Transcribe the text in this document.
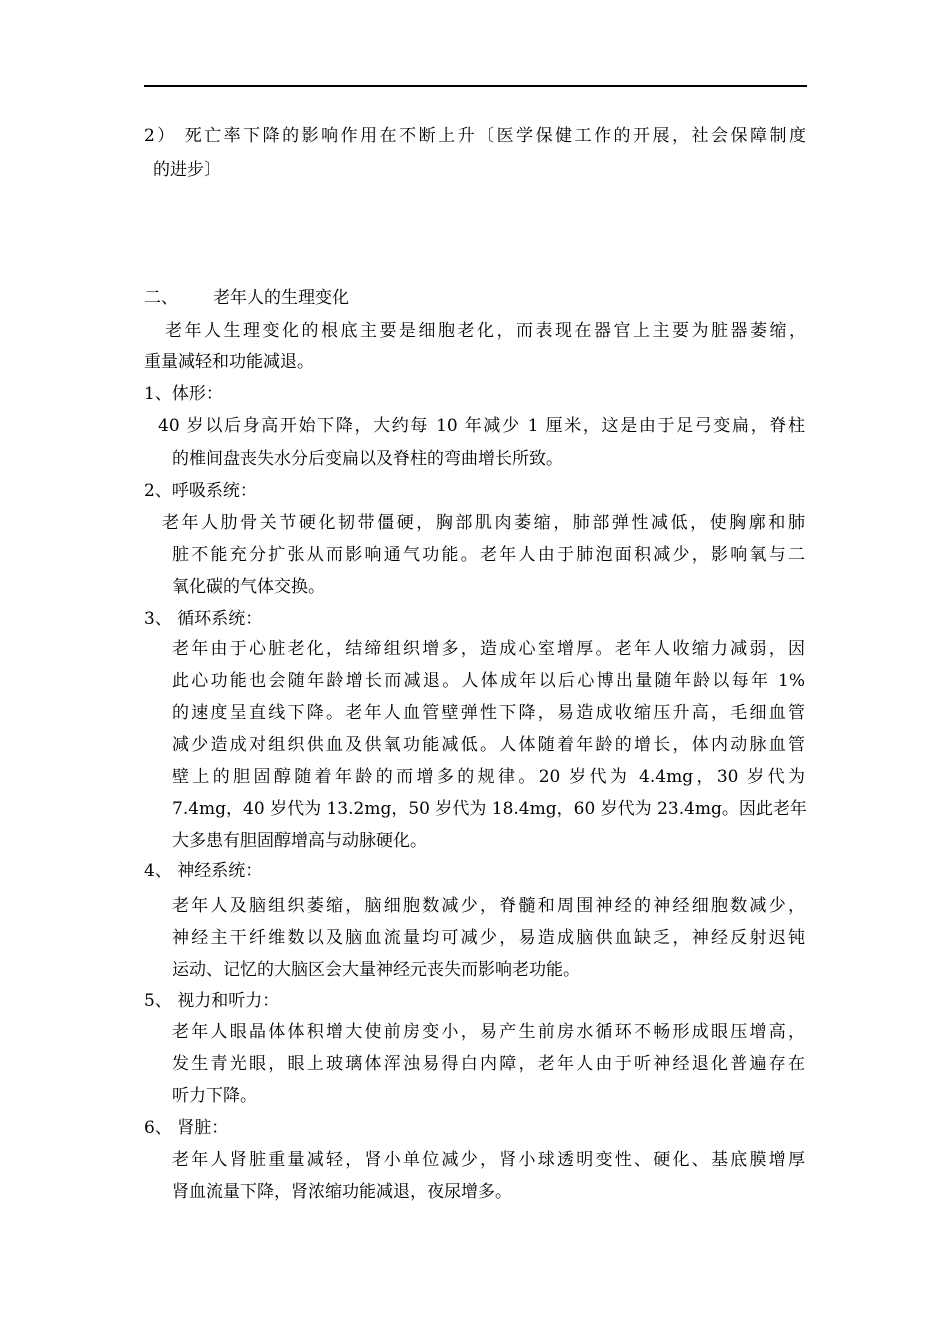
2） 死亡率下降的影响作用在不断上升〔医学保健工作的开展，社会保障制度
的进步〕
二、 老年人的生理变化
老年人生理变化的根底主要是细胞老化，而表现在器官上主要为脏器萎缩，
重量减轻和功能减退。
1、体形：
40 岁以后身高开始下降，大约每 10 年减少 1 厘米，这是由于足弓变扁，脊柱
的椎间盘丧失水分后变扁以及脊柱的弯曲增长所致。
2、呼吸系统：
老年人肋骨关节硬化韧带僵硬，胸部肌肉萎缩，肺部弹性减低，使胸廓和肺
脏不能充分扩张从而影响通气功能。老年人由于肺泡面积减少，影响氧与二
氧化碳的气体交换。
3、 循环系统：
老年由于心脏老化，结缔组织增多，造成心室增厚。老年人收缩力减弱，因
此心功能也会随年龄增长而减退。人体成年以后心博出量随年龄以每年 1%
的速度呈直线下降。老年人血管壁弹性下降，易造成收缩压升高，毛细血管
减少造成对组织供血及供氧功能减低。人体随着年龄的增长，体内动脉血管
壁上的胆固醇随着年龄的而增多的规律。20 岁代为 4.4mg，30 岁代为
7.4mg，40 岁代为 13.2mg，50 岁代为 18.4mg，60 岁代为 23.4mg。因此老年
大多患有胆固醇增高与动脉硬化。
4、 神经系统：
老年人及脑组织萎缩，脑细胞数减少，脊髓和周围神经的神经细胞数减少，
神经主干纤维数以及脑血流量均可减少，易造成脑供血缺乏，神经反射迟钝
运动、记忆的大脑区会大量神经元丧失而影响老功能。
5、 视力和听力：
老年人眼晶体体积增大使前房变小，易产生前房水循环不畅形成眼压增高，
发生青光眼，眼上玻璃体浑浊易得白内障，老年人由于听神经退化普遍存在
听力下降。
6、 肾脏：
老年人肾脏重量减轻，肾小单位减少，肾小球透明变性、硬化、基底膜增厚
肾血流量下降，肾浓缩功能减退，夜尿增多。
